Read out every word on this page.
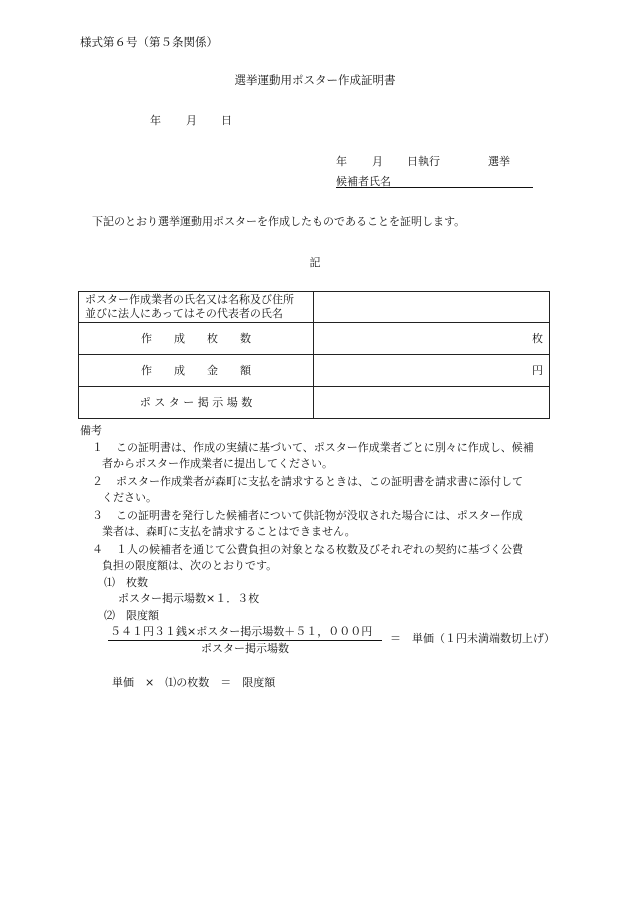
様式第６号（第５条関係）
選挙運動用ポスター作成証明書
年 月 日
年 月 日執行	選挙
候補者氏名
下記のとおり選挙運動用ポスターを作成したものであることを証明します。
記
ポスター作成業者の氏名又は名称及び住所
並びに法人にあってはその代表者の氏名	

作　　成　　枚　　数	枚
作　　成　　金　　額	円
ポ ス タ ー 掲 示 場 数	
備考
１ この証明書は、作成の実績に基づいて、ポスター作成業者ごとに別々に作成し、候補
者からポスター作成業者に提出してください。
２ ポスター作成業者が森町に支払を請求するときは、この証明書を請求書に添付して
ください。
３ この証明書を発行した候補者について供託物が没収された場合には、ポスター作成
業者は、森町に支払を請求することはできません。
４ １人の候補者を通じて公費負担の対象となる枚数及びそれぞれの契約に基づく公費
負担の限度額は、次のとおりです。
⑴　枚数
ポスター掲示場数×１．３枚
⑵　限度額
５４１円３１銭×ポスター掲示場数＋５１，０００円
ポスター掲示場数
＝　単価（１円未満端数切上げ）
単価　×　⑴の枚数　＝　限度額
